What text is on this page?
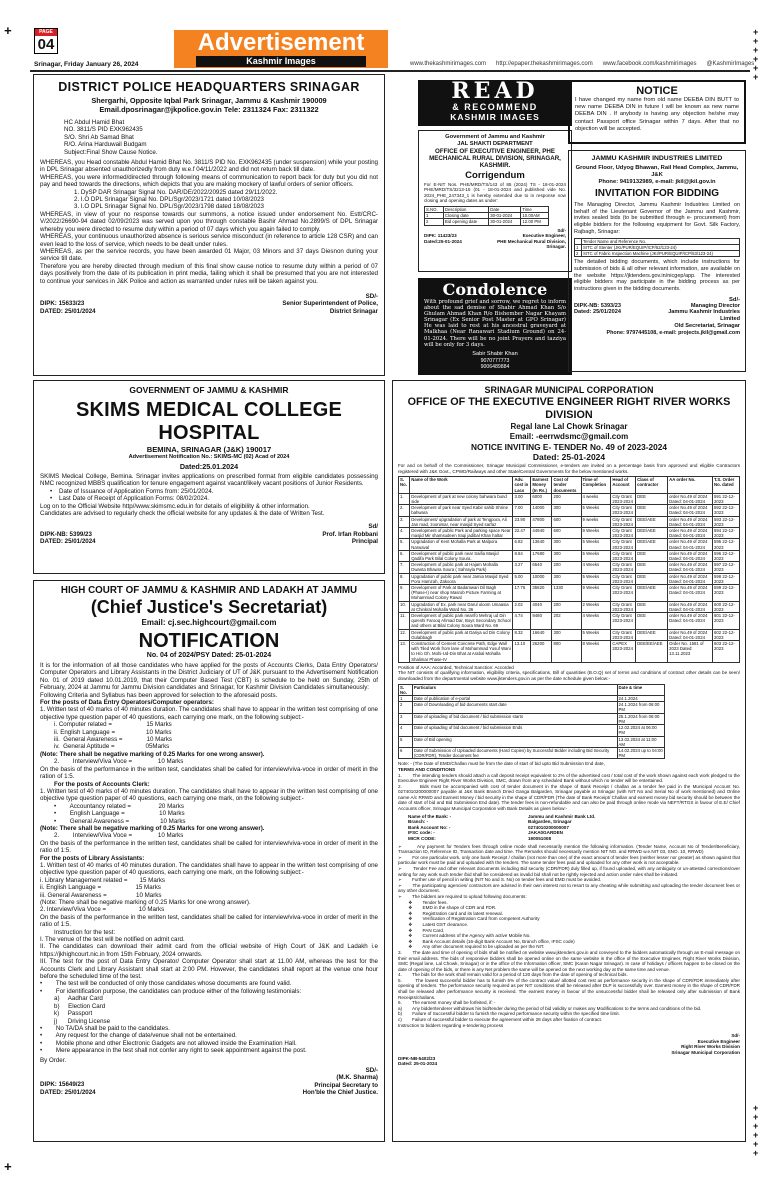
+
+
+
+
+
+
+
+
+
+
+
+
+
+
PAGE
04	Advertisement
Kashmir Images
Srinagar, Friday January 26, 2024	www.thekashmirimages.com http://epaper.thekashmirimages.com www.facebook.com/kashmirimages @KashmirImages
DISTRICT POLICE HEADQUARTERS SRINAGAR
Shergarhi, Opposite Iqbal Park Srinagar, Jammu & Kashmir 190009 Email.dposrinagar@jkpolice.gov.in Tele: 2311324 Fax: 2311322
HC Abdul Hamid Bhat
NO. 3811/S PID EXK962435
S/O. Shri Ab Samad Bhat
R/O. Arina Harduwail Budgam
Subject:Final Show Cause Notice.

WHEREAS, you Head constable Abdul Hamid Bhat No. 3811/S PID No. EXK962435 (under suspension) while your posting in DPL Srinagar absented unauthorizedly from duty w.e.f 04/11/2022 and did not return back till date.

WHEREAS, you were informed/directed through following means of communication to report back for duty but you did not pay and heed towards the directions, which depicts that you are making mockery of lawful orders of senior officers.

1. DySP DAR Srinagar Signal No. DAR/DE/2022/20925 dated 29/11/2022.
2. I.O DPL Srinagar Signal No. DPL/Sgr/2023/1721 dated 10/08/2023
3. I.O DPL Srinagar Signal No. DPL/Sgr/2023/1798 dated 18/08/2023

WHEREAS, in view of your no response towards our summons, a notice issued under endorsement No. Estt/CRC-V/2022/26690-94 dated 02/09/2023 was served upon you through constable Bashir Ahmad No.2899/S of DPL Srinagar whereby you were directed to resume duty within a period of 07 days which you again failed to comply.

WHEREAS, your continuous unauthorized absence is serious service misconduct (in reference to article 128 CSR) and can even lead to the loss of service, which needs to be dealt under rules.

WHEREAS, as per the service records, you have been awarded 01 Major, 03 Minors and 37 days Diesnon during your service till date.

Therefore you are hereby directed through medium of this final show cause notice to resume duty within a period of 07 days positively from the date of its publication in print media, failing which it shall be presumed that you are not interested to continue your services in J&K Police and action as warranted under rules will be taken against you.

SD/-
DIPK: 15633/23
DATED: 25/01/2024
Senior Superintendent of Police,
District Srinagar
GOVERNMENT OF JAMMU & KASHMIR
SKIMS MEDICAL COLLEGE HOSPITAL
BEMINA, SRINAGAR (J&K) 190017
Advertisement Notification No.: SKIMS-MC (02) Acad of 2024
Dated:25.01.2024

SKIMS Medical College, Bemina. Srinagar invites applications on prescribed format from eligible candidates possessing NMC recognized MBBS qualification for tenure engagement against vacant/likely vacant positions of Junior Residents.

•    Date of Issuance of Application Forms from: 25/01/2024.
•    Last Date of Receipt of Application Forms: 08/02/2024.

Log on to the Official Website http//www.skimsmc.edu.in for details of eligibility & other information.

Candidates are advised to regularly check the official website for any updates & the date of Written Test.

Sd/
DIPK-NB: 5399/23
DATED: 25/01/2024
Prof. Irfan Robbani
Principal
HIGH COURT OF JAMMU & KASHMIR AND LADAKH AT JAMMU
(Chief Justice's Secretariat)
Email: cj.sec.highcourt@gmail.com
NOTIFICATION
No. 04 of 2024/PSY Dated: 25-01-2024

It is for the information of all those candidates who have applied for the posts of Accounts Clerks, Data Entry Operators/ Computer Operators and Library Assistants in the District Judiciary of UT of J&K pursuant to the Advertisement Notification No. 01 of 2019 dated 10.01.2019, that their Computer Based Test (CBT) is schedule to be held on Sunday, 25th of February, 2024 at Jammu for Jammu Division candidates and Srinagar, for Kashmir Division Candidates simultaneously:

Following Criteria and Syllabus has been approved for selection to the aforesaid posts.

For the posts of Data Entry Operators/Computer operators:

1. Written test of 40 marks of 40 minutes duration. The candidates shall have to appear in the written test comprising of one objective type question paper of 40 questions, each carrying one mark, on the following subject:-

i. Computer related =                    15 Marks
ii. English Language =                  10 Marks
iii.  General Awareness =              10 Marks
iv.  General Aptitude =                  05Marks

(Note: There shall be negative marking of 0.25 Marks for one wrong answer).

2.        Interview/Viva Voce =               10 Marks

On the basis of the performance in the written test, candidates shall be called for interview/viva-voce in order of merit in the ration of 1:5.

For the posts of Accounts Clerk:

1. Written test of 40 marks of 40 minutes duration. The candidates shall have to appear in the written test comprising of one objective type question paper of 40 questions, each carrying one mark, on the following subject:-

•        Accountancy related =                20 Marks
•        English Language =                    10 Marks
•        General Awareness =                  10 Marks

(Note: There shall be negative marking of 0.25 Marks for one wrong answer).

2.        Interview/Viva Voce =               10 Marks

On the basis of the performance in the written test, candidates shall be called for interview/viva-voce in order of merit in the ratio of 1:5.

For the posts of Library Assistants:

1. Written test of 40 marks of 40 minutes duration. The candidates shall have to appear in the written test comprising of one objective type question paper of 40 questions, each carrying one mark, on the following subject:-

i. Library Management related =       15 Marks
ii. English Language =                    15 Marks
iii. General Awareness =                 10 Marks

(Note: There shall be negative marking of 0.25 Marks for one wrong answer).

2. Interview/Viva Voce =                   10 Marks

On the basis of the performance in the written test, candidates shall be called for interview/viva-voce in order of merit in the ratio of 1:5.

Instruction for the test:

I. The venue of the test will be notified on admit card.

II. The candidates can download their admit card from the official website of High Court of J&K and Ladakh i.e https://jkhighcourt.nic.in from 15th February, 2024 onwards.

III. The test for the post of Data Entry Operator/ Computer Operator shall start at 11.00 AM, whereas the test for the Accounts Clerk and Library Assistant shall start at 2:00 PM. However, the candidates shall report at the venue one hour before the scheduled time of the test.

•        The test will be conducted of only those candidates whose documents are found valid.
•        For identification purpose, the candidates can produce either of the following testimonials:
a)     Aadhar Card
b)     Election Card
k)     Passport
j)      Driving License
•        No TA/DA shall be paid to the candidates.
•        Any request for the change of date/venue shall not be entertained.
•        Mobile phone and other Electronic Gadgets are not allowed inside the Examination Hall.
•        Mere appearance in the test shall not confer any right to seek appointment against the post.

By Order.

SD/-
DIPK: 15649/23
DATED: 25/01/2024
(M.K. Sharma)
Principal Secretary to
Hon'ble the Chief Justice.
READ
& RECOMMEND
KASHMIR IMAGES
Government of Jammu and Kashmir
JAL SHAKTI DEPARTMENT
OFFICE OF EXECUTIVE ENGINEER, PHE MECHANICAL RURAL DIVISION, SRINAGAR, KASHMIR.
Corrigendum

For E-NIT Nos. PHE/MRD/TS/143 of 85 (2024) TS - 18-01-2024 PHE/MRD/TS/3213-15 (01 - 18-01-2024 and published vide No. 2024_PHE_247343_1 is hereby extended due to in response now closing and opening dates as under:

S.NO.	Description	Date	Time
1	Closing date	30-01-2024	10.00AM
2	Bid opening date	30-01-2024	12.00 PM
Sd/-
DIPK: 11423/23
Dated:25-01-2024
Executive Engineer,
PHE Mechanical Rural Division,
Srinagar.
Condolence

With profound grief and sorrow, we regret to inform about the sad demise of Shabir Ahmad Khan S/o Ghulam Ahmad Khan R/o Bishember Nagar Khayam Srinagar (Ex Senior Post Master at GPO Srinagar) He was laid to rest at his ancestral graveyard at Malkhaa (Near Ranawari Stadium Ground) on 24-01-2024. There will be no joint Prayers and tazziya will be only for 3 days.

Sabir Shabir Khan
9070777773
9006489884
NOTICE

I have changed my name from old name DEEBA DIN BUTT to new name DEEBA DIN in future I will be known as new name DEEBA DIN . If anybody is having any objection he/she may contact Passport office Srinagar within 7 days. After that no objection will be accepted.

JAMMU KASHMIR INDUSTRIES LIMITED
Ground Floor, Udyog Bhawan, Rail Head Complex, Jammu, J&K
Phone: 9419132989, e-mail: jkil@jkil.gov.in
INVITATION FOR BIDDING

The Managing Director, Jammu Kashmir Industries Limited on behalf of the Lieutenant Governor of the Jammu and Kashmir, invites sealed bids (to be submitted through e- procurement) from eligible bidders for the following equipment for Govt. Silk Factory, Rajbagh, Srinagar:

	Tender Name and Reference No.
1	SITC of Stenter (JKI/PUR/EQUIP/ICP/52/123-24)
2	SITC of Fabric Inspection Machine (JKI/PUR/EQUIP/ICP/53/123-24)

The detailed bidding documents, which include instructions for submission of bids & all other relevant information, are available on the website https://jktenders.gov.in/nicgep/app. The interested eligible bidders may participate in the bidding process as per instructions given in the bidding documents.

Sd/-
DIPK-NB: 5393/23
Dated: 25/01/2024
Managing Director
Jammu Kashmir Industries
Limited
Old Secretariat, Srinagar
Phone: 9797445108, e-mail: projects.jkil@gmail.com
SRINAGAR MUNICIPAL CORPORATION
OFFICE OF THE EXECUTIVE ENGINEER RIGHT RIVER WORKS DIVISION
Regal lane Lal Chowk Srinagar
Email: -eerrwdsmc@gmail.com
NOTICE INVITING E- TENDER No. 49 of 2023-2024
Dated: 25-01-2024

For and on behalf of the Commissioner, Srinagar Municipal Commissioner, e-tenders are invited on a percentage basis from approved and eligible Contractors registered with J&K Govt., CPWD/Railways and other State/Central Governments for the below mentioned works.

S. No.	Name of the Work	Adv. cost in Lacs	Earnest Money (In Rs.)	Cost of tender documents	Time of Completion	Head of Account	Class of contractor	AA order No.	T.S. Order No. dated
1.	Development of park at new colony bahwara bund side	3.00	6000	200	4 weeks	City Grant 2023-2024	DEE	order No.49 of 2024 Dated: 04-01-2024	591 22-12-2023
2.	Development of park near Syed Kabir sahib Shrine bahwara	7.00	14000	300	5 Weeks	City Grant 2023-2024	DEE	order No.49 of 2024 Dated: 04-01-2024	592 22-12-2023
3.	Development/ upgradation of park at Tengpora, Ali Jan road, zoonimar, near masjid Syed sarfaz	23.90	47800	600	9 weeks	City Grant 2023-2024	DEE/AEE	order No.49 of 2024 Dated: 04-01-2024	593 22-12-2023
4.	Development of public Park and parking space Near masjid Mir shamsudeen Iraqi jadibal Khan haltar	22.47	44940	600	9 Weeks	City Grant 2023-2024	DEE/AEE	order No.49 of 2024 Dated: 04-01-2024	594 22-12-2023
5.	Upgradation of Kent Mohalla Park at Malpora Narwaval	6.82	13640	300	5 Weeks	City Grant 2023-2024	DEE/AEE	order No.49 of 2024 Dated: 04-01-2024	595 22-12-2023
6.	Development of public park near Saifia Masjid Qadifa Park Bilal Colony Soura.	8.84	17680	300	5 Weeks	City Grant 2023-2024	DEE	order No.49 of 2024 Dated: 04-01-2024	596 22-12-2023
7.	Development of public park at Hajam Mohalla Dwanta Bhawra Soura ( Sahrayla Park)	3.27	6540	200	4 Weeks	City Grant 2023-2024	DEE	order No.49 of 2024 Dated: 04-01-2024	597 22-12-2023
8.	Upgradation of public park near Jamia Masjid Syed Pora Hamzah, Zakoora	5.00	10000	300	5 Weeks	City Grant 2023-2024	DEE	order No.49 of 2024 Dated: 04-01-2024	598 22-12-2023
9.	Development of Park at Badamwari Dil Bagh (Phase-I) near shop Masrob Picture Farming at Mohammad Colony Rawal	17.76	35520	1330	9 Weeks	City Grant 2023-2024	DEE/AEE	order No.49 of 2024 Dated: 04-01-2024	599 22-12-2023
10.	Upgradation of Ex. park near Darul uloom Umaasia at Chinkral Mohalla Ward No. 36	2.02	4040	200	2 Weeks	City Grant 2023-2024	DEE	order No.49 of 2024 Dated: 04-01-2024	600 22-12-2023
11.	Development of public park near/fo Mehraj ud Din qureshi Farooq Ahmad Dar, Boys Secondary School and others at Bilal Colony Soura Ward No. 69	4.74	9480	202	4 Weeks	City Grant 2023-2024	DEE	order No.49 of 2024 Dated: 04-01-2024	601 22-12-2023
12.	Development of public park at Dariya ud Din Colony Gulabbagh	8.32	16640	300	5 Weeks	City Grant 2023-2024	DEE/AEE	order No.49 of 2024 Dated: 04-01-2024	602 22-12-2023
13.	Construction of Cement Concrete Path, Edge Wall with Tiled Work from lane of Mohammad Yusuf Wani to H/o Gh. Mohi-Ud-Din Bhat at Arabal Mohalla Shalimar Phase-IV	13.10	26200	800	8 Weeks	CAPEX 2023-2024	DEE/EE/AEE	Order No. 1581 of 2023 Dated: 13.11.2023	603 22-12-2023

Position of AAA: Accorded, Technical Sanction: Accorded

The NIT consists of qualifying information, eligibility criteria, specifications, Bill of quantities (B.O.Q) set of terms and conditions of contract other details can be seen/ downloaded from the departmental website www.jktenders.gov.in as per the date schedule given below:-

S. No.	Particulars	Date & time
1	Date of publication of e-portal	24.1.2024
2	Date of Downloading of bid documents start date	24.1.2024 from 06:00 PM
3	Date of uploading of bid document / bid submission starts	25.1.2024 from 06:00 PM
4	Date of uploading of bid document / bid submission Ends	12.02.2024 at 06:00 PM
5	Date of Bid opening	13.02.2024 at 11:00 AM
6	Date of Submission of Uploaded documents (Hard Copies) by Successful Bidder including Bid Security (CDR/FDR), Tender document fee	14.02.2024 up to 04:00 PM

Note: - (The Date of EMD/Challan must be from the date of start of bid upto Bid Submission End date,

TERMS AND CONDITIONS

1.        The intending tenders should attach a call deposit receipt equivalent to 2% of the advertised cost / total cost of the work shown against each work pledged to the Executive Engineer Right River Works Division, SMC, drawn from any scheduled Bank without which no tender will be entertained.

2.        Bids must be accompanied with cost of tender document in the shape of Bank Receipt / challan as a tender fee paid in the Municipal Account No. 0274010200000007 payable at J&K Bank Branch Dried Ganga Balgarden, Srinagar payable at Srinagar (with NIT No and Serial No of work mentioned) and Online name A/c RRWD and Earnest Money / bid security in the shape of CDR/FDR (The date of Bank Receipt/ Challan and earnest money bid security should be between the date of start of bid and Bid Submission End date). The tender fees is non-refundable and can also be paid through online mode via NEFT/RTGS in favour of E.E/ Chief Accounts officer, Srinagar Municipal Corporation with Bank Details as given below:-

Name of the Bank: -	Jammu and Kashmir Bank Ltd.
Branch: -	Balgarden, Srinagar
Bank Account No: -	0274010200000007
IFSC code: -	JAKA0GARDEN
MICR CODE:	190051008

➢        Any payment for Tenders fees through online mode shall necessarily mention the following information. (Tender Name, Account No of Tender/Beneficiary, Transaction ID, Reference ID, Transaction date and time. The Remarks should necessarily mention NIT NO. and RRWD w.e.NIT 03, SNO. 10, RRWD)

➢        For one particular work, only one bank Receipt / challan (not more than one) of the exact amount of tender fees (neither lesser nor greater) as shown against that particular work must be paid and uploaded with the tenders. The same tender fees paid and uploaded for any other work is not acceptable.

➢        Tender Fee and other relevant documents including Bid security (CDR/FDR) duly filled up, if found uploaded, with any ambiguity or un-attested corrections/over writing for any work such tender /bid shall be considered as invalid bid shall not be rightly rejected and action under rules shall be initiated.

➢        Further use of pencil in writing (NIT No and S. No) on tender fees and EMD must be avoided.

➢        The participating agencies/ contractors are advised in their own interest not to resort to any cheating while submitting and uploading the tender document fees or any other document.

➢        The bidders are required to upload following documents:

❖        Tender fees.

❖        EMD in the shape of CDR and FDR.

❖        Registration card and its latest renewal.

❖        Verification of Registration Card from competent Authority

❖        Latest GST clearance.

❖        PAN Card.

❖        Current address of the Agency with active Mobile No.

❖        Bank Account details (16-digit Bank Account No, Branch office, IFSC code)

❖        Any other document required to be uploaded as per the NIT.

3.        The date and time of opening of bids shall be notified on website www.jktenders.gov.in and conveyed to the bidders automatically through an E-mail message on their email address. The bids of responsive bidders shall be opened online on the same website in the office of the Executive Engineer, Right River Works Division, SMC (Regal lane, Lal Chowk, Srinagar) or in the office of the Information officer, SMC (Karan Nagar Srinagar). In case of holidays / officers happen to be closed on the date of opening of the bids, or there is any Net problem the same will be opened on the next working day at the same time and venue.

4.        The bids for the work shall remain valid for a period of 120 days from the date of opening of technical bids.

5.        The lowest successful bidder has to furnish 5% of the contract value/ allotted cost rest as performance security in the shape of CDR/FDR immediately after opening of tenders. The performance security required as per NIT conditions shall be released after DLP is successfully over. Earnest money in the shape of CDR/FDR shall be released after performance security is received. The earnest money in favour of the unsuccessful bidder shall be released only after submission of Bank Receipts/challans.

6.        The earnest money shall be forfeited, if: -

a)        Any bidder/tenderer withdraws his bid/tender during the period of bid validity or makes any Modifications to the terms and conditions of the bid.

b)        Failure of Successful bidder to furnish the required performance security within the specified time limit.

c)        Failure of successful bidder to execute the agreement within 28 days after fixation of contract.

Instruction to bidders regarding e-tendering process

Sd/-
Executive Engineer
Right River Works Division
Srinagar Municipal Corporation
DIPK-NB-5402/23
Dated: 25-01-2024
